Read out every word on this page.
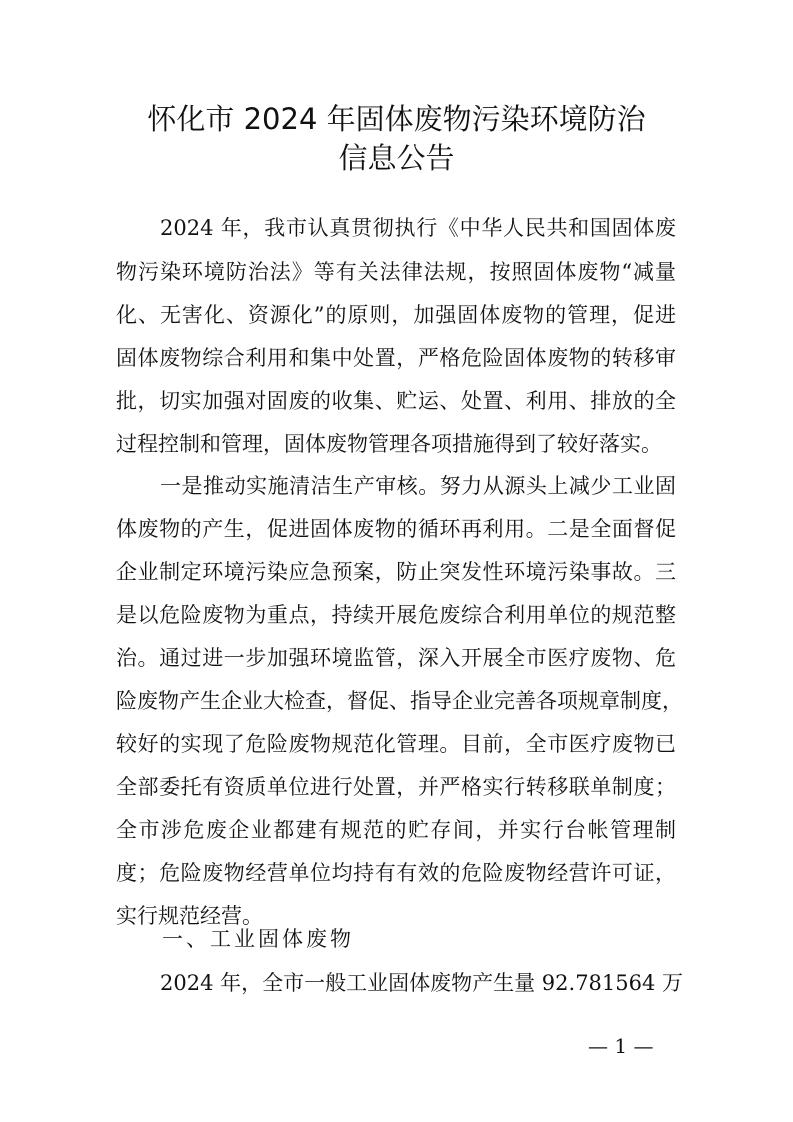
怀化市 2024 年固体废物污染环境防治
信息公告
2024 年，我市认真贯彻执行《中华人民共和国固体废
物污染环境防治法》等有关法律法规，按照固体废物“减量
化、无害化、资源化”的原则，加强固体废物的管理，促进
固体废物综合利用和集中处置，严格危险固体废物的转移审
批，切实加强对固废的收集、贮运、处置、利用、排放的全
过程控制和管理，固体废物管理各项措施得到了较好落实。
一是推动实施清洁生产审核。努力从源头上减少工业固
体废物的产生，促进固体废物的循环再利用。二是全面督促
企业制定环境污染应急预案，防止突发性环境污染事故。三
是以危险废物为重点，持续开展危废综合利用单位的规范整
治。通过进一步加强环境监管，深入开展全市医疗废物、危
险废物产生企业大检查，督促、指导企业完善各项规章制度，
较好的实现了危险废物规范化管理。目前，全市医疗废物已
全部委托有资质单位进行处置，并严格实行转移联单制度；
全市涉危废企业都建有规范的贮存间，并实行台帐管理制
度；危险废物经营单位均持有有效的危险废物经营许可证，
实行规范经营。
一、工业固体废物
2024 年，全市一般工业固体废物产生量 92.781564 万
— 1 —
